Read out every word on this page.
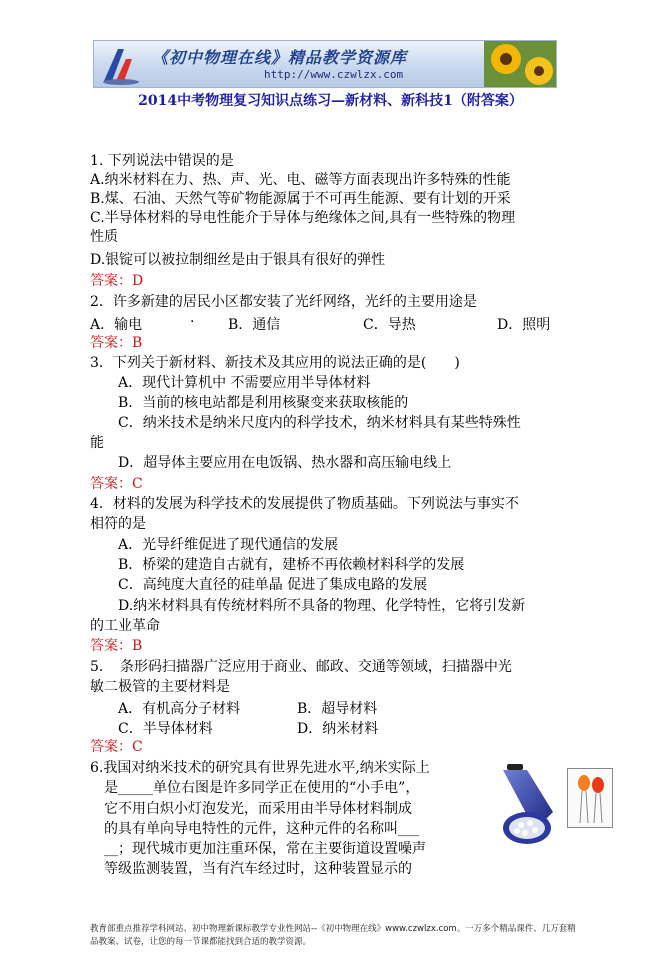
《初中物理在线》精品教学资源库
http://www.czwlzx.com
2014中考物理复习知识点练习—新材料、新科技1（附答案）
1. 下列说法中错误的是
A.纳米材料在力、热、声、光、电、磁等方面表现出许多特殊的性能
B.煤、石油、天然气等矿物能源属于不可再生能源、要有计划的开采
C.半导体材料的导电性能介于导体与绝缘体之间,具有一些特殊的物理
性质
D.银锭可以被拉制细丝是由于银具有很好的弹性
答案：D
2．许多新建的居民小区都安装了光纤网络，光纤的主要用途是
答案：B
3．下列关于新材料、新技术及其应用的说法正确的是(　　)
　　A．现代计算机中 不需要应用半导体材料
　　B．当前的核电站都是利用核聚变来获取核能的
　　C．纳米技术是纳米尺度内的科学技术，纳米材料具有某些特殊性
能
　　D．超导体主要应用在电饭锅、热水器和高压输电线上
答案：C
4．材料的发展为科学技术的发展提供了物质基础。下列说法与事实不
相符的是
　　A．光导纤维促进了现代通信的发展
　　B．桥梁的建造自古就有，建桥不再依赖材料科学的发展
　　C．高纯度大直径的硅单晶 促进了集成电路的发展
　　D.纳米材料具有传统材料所不具备的物理、化学特性，它将引发新
的工业革命
答案：B
5．　条形码扫描器广泛应用于商业、邮政、交通等领域，扫描器中光
敏二极管的主要材料是
答案：C
6.我国对纳米技术的研究具有世界先进水平,纳米实际上
　是_____单位右图是许多同学正在使用的“小手电”，
　它不用白炽小灯泡发光，而采用由半导体材料制成
　的具有单向导电特性的元件，这种元件的名称叫___
　__；现代城市更加注重环保，常在主要街道设置噪声
　等级监测装置，当有汽车经过时，这种装置显示的
A．输电	· B．通信	C．导热	D．照明
A．有机高分子材料	B．超导材料
C．半导体材料	D．纳米材料
教育部重点推荐学科网站、初中物理新课标教学专业性网站--《初中物理在线》www.czwlzx.com。一万多个精品课件、几万套精品教案、试卷，让您的每一节课都能找到合适的教学资源。
